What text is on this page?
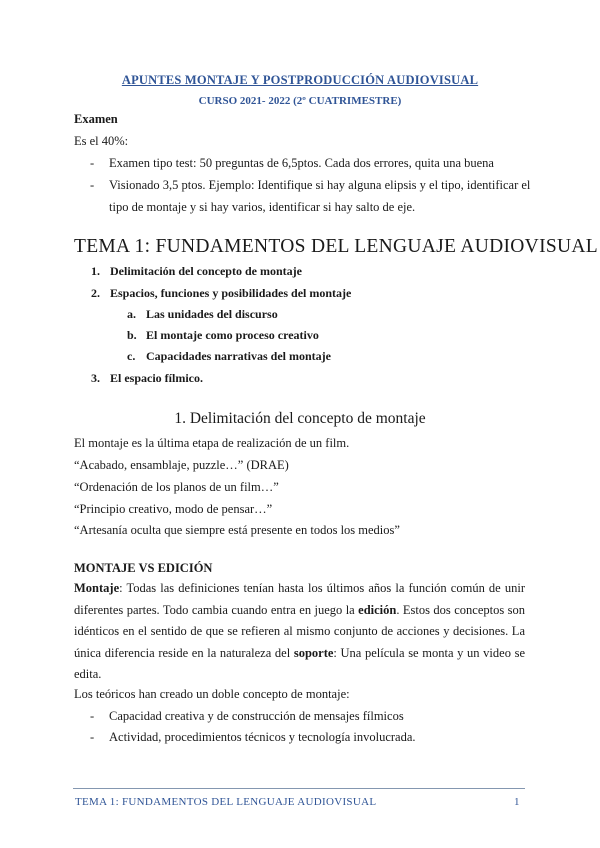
APUNTES MONTAJE Y POSTPRODUCCIÓN AUDIOVISUAL
CURSO 2021- 2022 (2º CUATRIMESTRE)
Examen
Es el 40%:
- Examen tipo test: 50 preguntas de 6,5ptos. Cada dos errores, quita una buena
- Visionado 3,5 ptos. Ejemplo: Identifique si hay alguna elipsis y el tipo, identificar el
tipo de montaje y si hay varios, identificar si hay salto de eje.
TEMA 1: FUNDAMENTOS DEL LENGUAJE AUDIOVISUAL
1. Delimitación del concepto de montaje
2. Espacios, funciones y posibilidades del montaje
a. Las unidades del discurso
b. El montaje como proceso creativo
c. Capacidades narrativas del montaje
3. El espacio fílmico.
1. Delimitación del concepto de montaje
El montaje es la última etapa de realización de un film.
“Acabado, ensamblaje, puzzle…” (DRAE)
“Ordenación de los planos de un film…”
“Principio creativo, modo de pensar…”
“Artesanía oculta que siempre está presente en todos los medios”
MONTAJE VS EDICIÓN
Montaje: Todas las definiciones tenían hasta los últimos años la función común de unir diferentes partes. Todo cambia cuando entra en juego la edición. Estos dos conceptos son idénticos en el sentido de que se refieren al mismo conjunto de acciones y decisiones. La única diferencia reside en la naturaleza del soporte: Una película se monta y un video se edita.
Los teóricos han creado un doble concepto de montaje:
- Capacidad creativa y de construcción de mensajes fílmicos
- Actividad, procedimientos técnicos y tecnología involucrada.
TEMA 1: FUNDAMENTOS DEL LENGUAJE AUDIOVISUAL	1
